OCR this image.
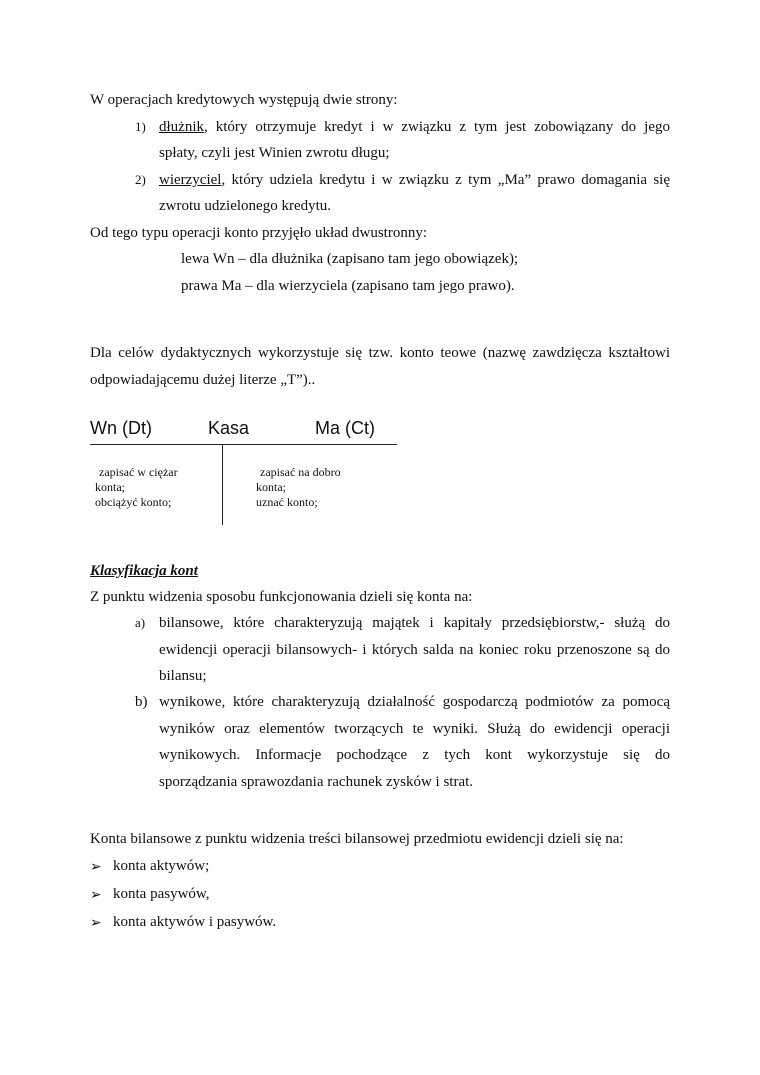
W operacjach kredytowych występują dwie strony:
1) dłużnik, który otrzymuje kredyt i w związku z tym jest zobowiązany do jego
spłaty, czyli jest Winien zwrotu długu;
2) wierzyciel, który udziela kredytu i w związku z tym „Ma” prawo domagania się
zwrotu udzielonego kredytu.
Od tego typu operacji konto przyjęło układ dwustronny:
lewa Wn – dla dłużnika (zapisano tam jego obowiązek);
prawa Ma – dla wierzyciela (zapisano tam jego prawo).
Dla celów dydaktycznych wykorzystuje się tzw. konto teowe (nazwę zawdzięcza kształtowi
odpowiadającemu dużej literze „T”)..
Wn (Dt)	Kasa	Ma (Ct)
zapisać w ciężar
konta;
obciążyć konto;
zapisać na dobro
konta;
uznać konto;
Klasyfikacja kont
Z punktu widzenia sposobu funkcjonowania dzieli się konta na:
a) bilansowe, które charakteryzują majątek i kapitały przedsiębiorstw,- służą do
ewidencji operacji bilansowych- i których salda na koniec roku przenoszone są do
bilansu;
b) wynikowe, które charakteryzują działalność gospodarczą podmiotów za pomocą
wyników oraz elementów tworzących te wyniki. Służą do ewidencji operacji
wynikowych. Informacje pochodzące z tych kont wykorzystuje się do
sporządzania sprawozdania rachunek zysków i strat.
Konta bilansowe z punktu widzenia treści bilansowej przedmiotu ewidencji dzieli się na:
➢ konta aktywów;
➢ konta pasywów,
➢ konta aktywów i pasywów.
